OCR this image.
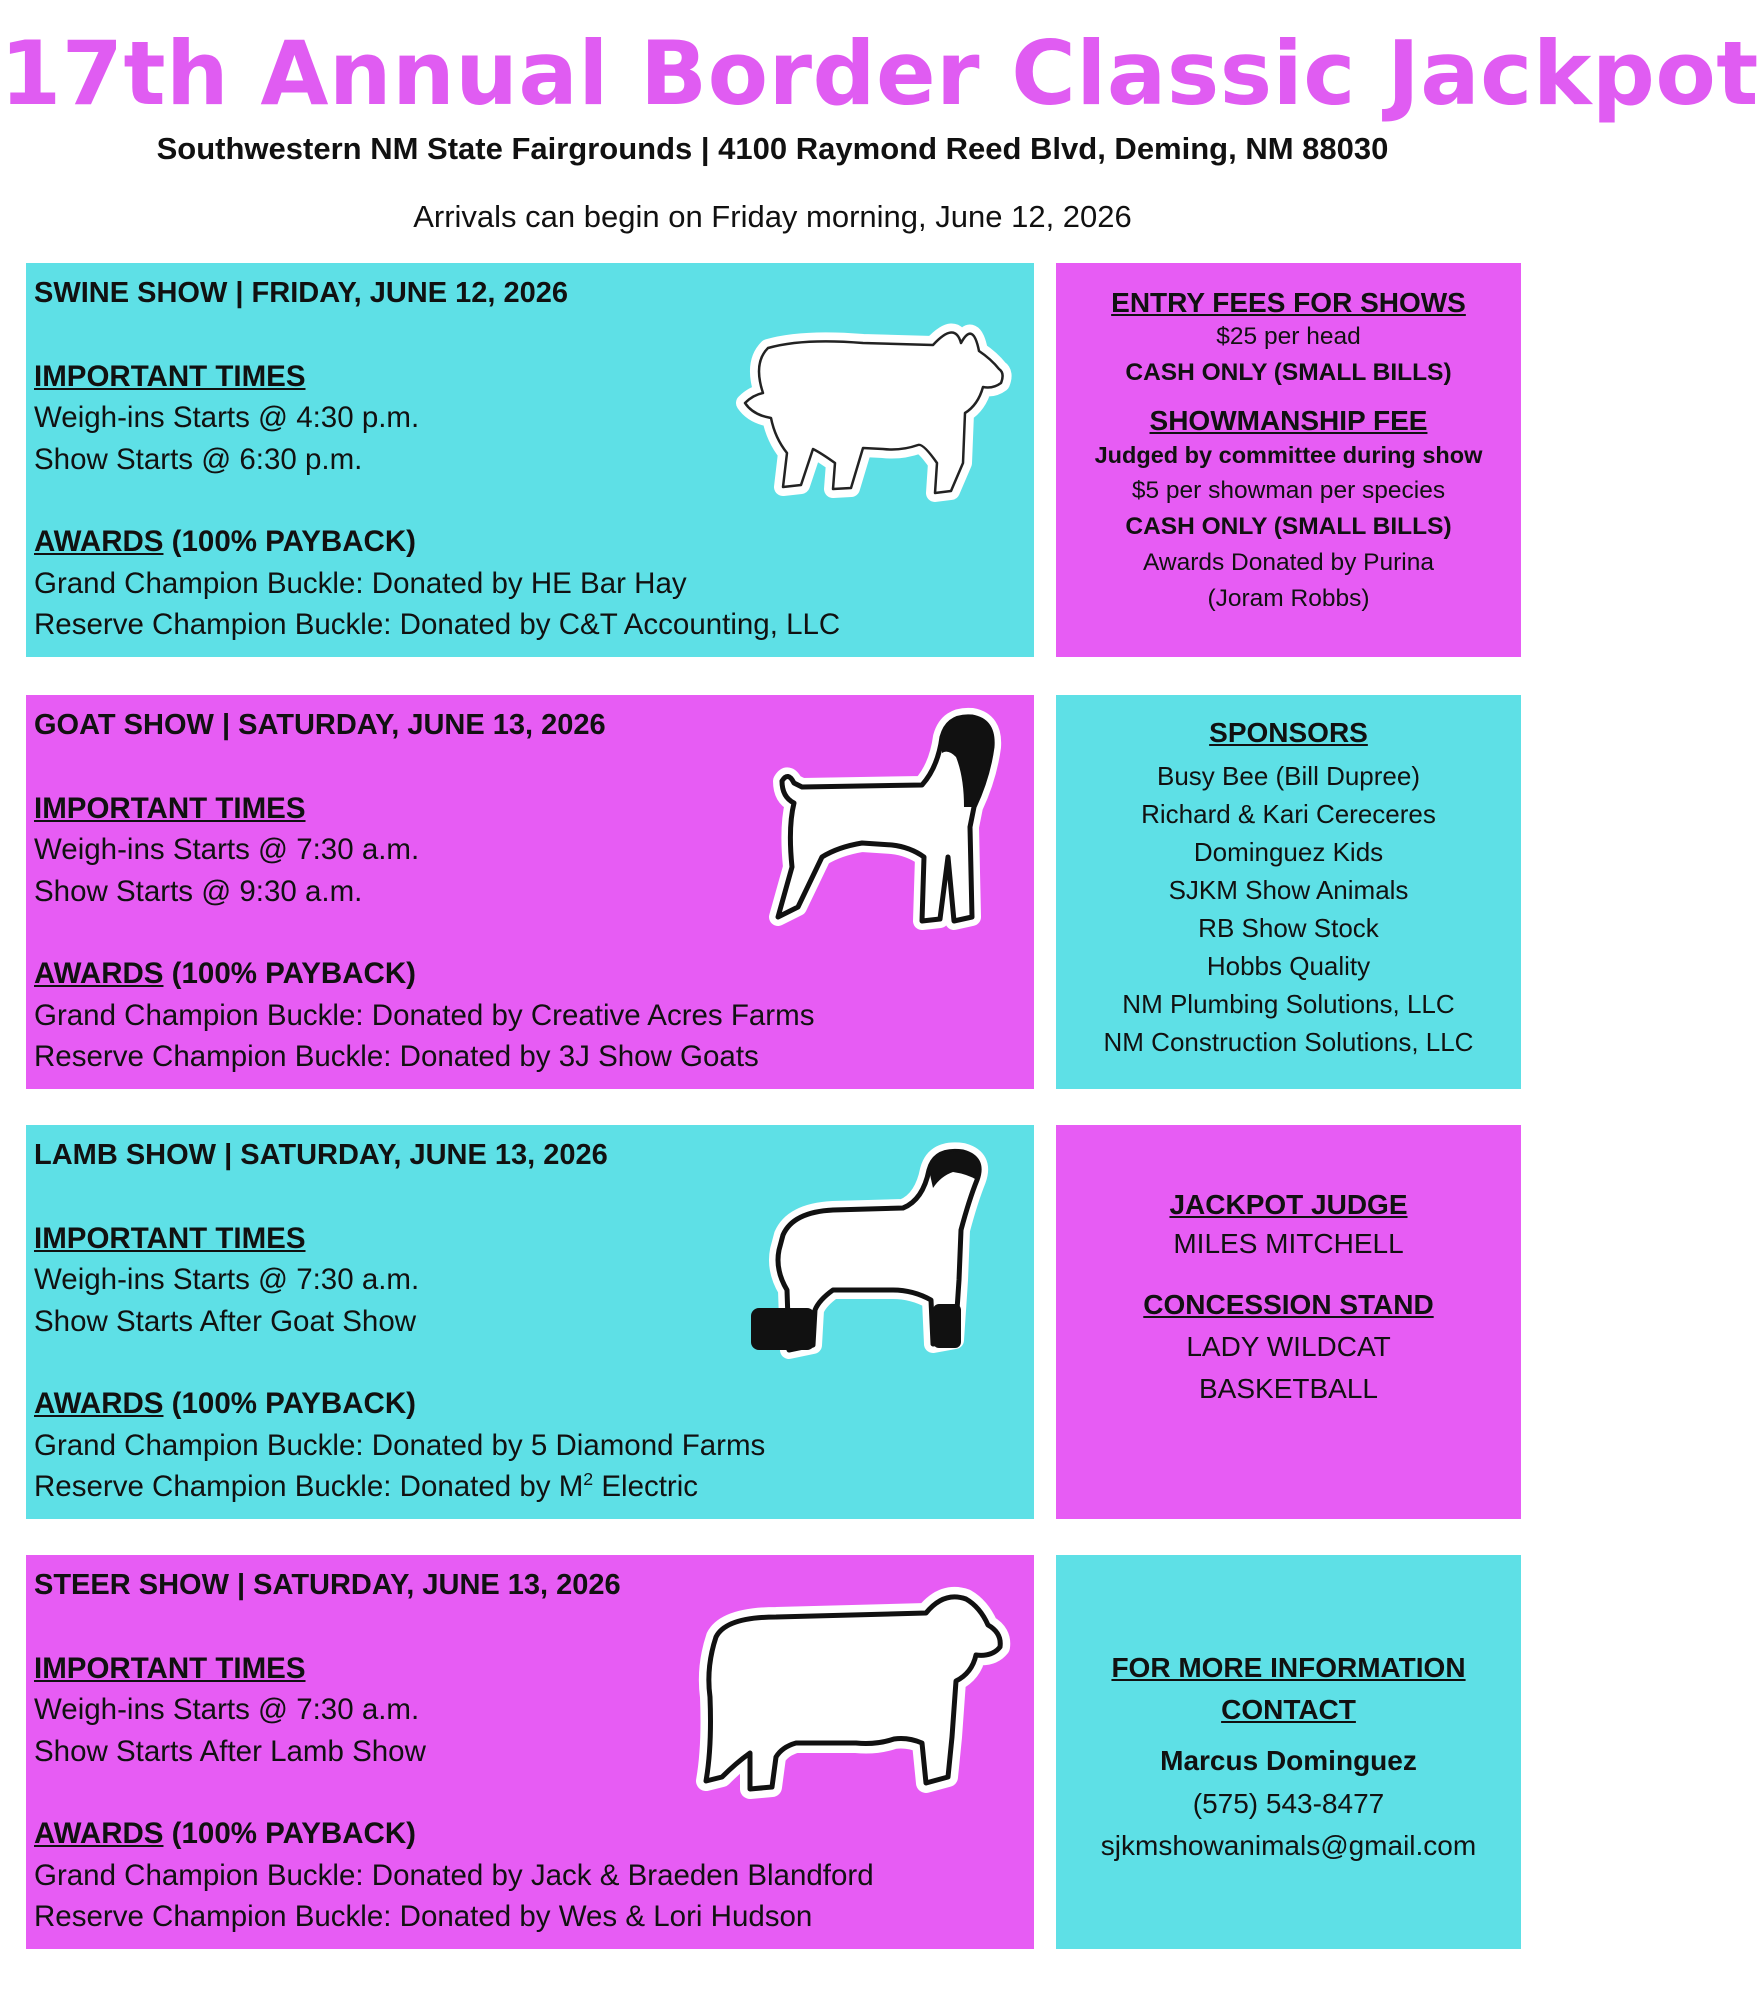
17th Annual Border Classic Jackpot
Southwestern NM State Fairgrounds | 4100 Raymond Reed Blvd, Deming, NM 88030
Arrivals can begin on Friday morning, June 12, 2026
SWINE SHOW | FRIDAY, JUNE 12, 2026
IMPORTANT TIMES
Weigh-ins Starts @ 4:30 p.m.
Show Starts @ 6:30 p.m.
AWARDS (100% PAYBACK)
Grand Champion Buckle: Donated by HE Bar Hay
Reserve Champion Buckle: Donated by C&T Accounting, LLC
ENTRY FEES FOR SHOWS
$25 per head
CASH ONLY (SMALL BILLS)
SHOWMANSHIP FEE
Judged by committee during show
$5 per showman per species
CASH ONLY (SMALL BILLS)
Awards Donated by Purina
(Joram Robbs)
GOAT SHOW | SATURDAY, JUNE 13, 2026
IMPORTANT TIMES
Weigh-ins Starts @ 7:30 a.m.
Show Starts @ 9:30 a.m.
AWARDS (100% PAYBACK)
Grand Champion Buckle: Donated by Creative Acres Farms
Reserve Champion Buckle: Donated by 3J Show Goats
SPONSORS
Busy Bee (Bill Dupree)
Richard & Kari Cereceres
Dominguez Kids
SJKM Show Animals
RB Show Stock
Hobbs Quality
NM Plumbing Solutions, LLC
NM Construction Solutions, LLC
LAMB SHOW | SATURDAY, JUNE 13, 2026
IMPORTANT TIMES
Weigh-ins Starts @ 7:30 a.m.
Show Starts After Goat Show
AWARDS (100% PAYBACK)
Grand Champion Buckle: Donated by 5 Diamond Farms
Reserve Champion Buckle: Donated by $M^2$ Electric
JACKPOT JUDGE
MILES MITCHELL
CONCESSION STAND
LADY WILDCAT
BASKETBALL
STEER SHOW | SATURDAY, JUNE 13, 2026
IMPORTANT TIMES
Weigh-ins Starts @ 7:30 a.m.
Show Starts After Lamb Show
AWARDS (100% PAYBACK)
Grand Champion Buckle: Donated by Jack & Braeden Blandford
Reserve Champion Buckle: Donated by Wes & Lori Hudson
FOR MORE INFORMATION
CONTACT
Marcus Dominguez
(575) 543-8477
sjkmshowanimals@gmail.com
